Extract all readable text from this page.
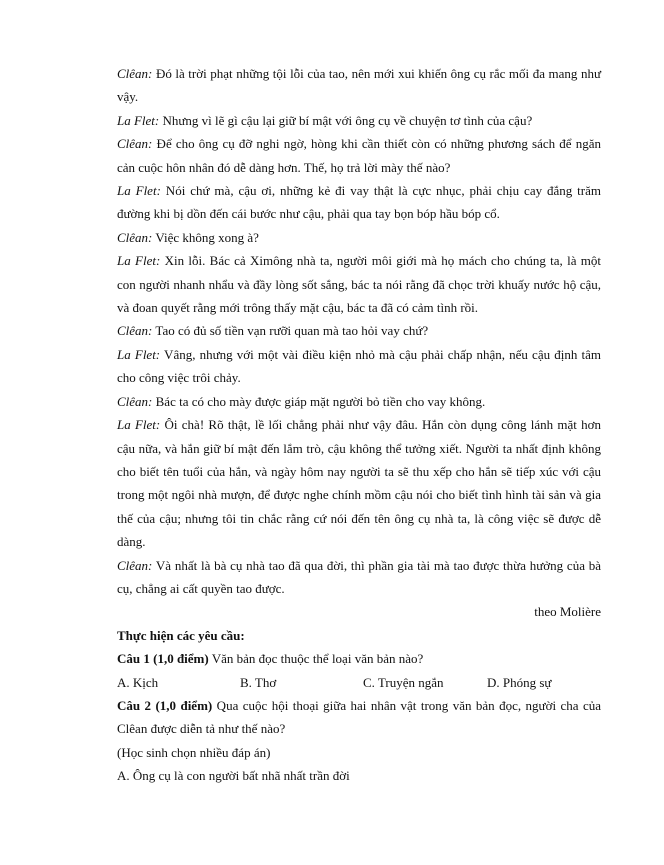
Clêan: Đó là trời phạt những tội lỗi của tao, nên mới xui khiến ông cụ rắc mối đa mang như vậy.

La Flet: Nhưng vì lẽ gì cậu lại giữ bí mật với ông cụ về chuyện tơ tình của cậu?

Clêan: Để cho ông cụ đỡ nghi ngờ, hòng khi cần thiết còn có những phương sách để ngăn cản cuộc hôn nhân đó dễ dàng hơn. Thế, họ trả lời mày thế nào?

La Flet: Nói chứ mà, cậu ơi, những kẻ đi vay thật là cực nhục, phải chịu cay đắng trăm đường khi bị dồn đến cái bước như cậu, phải qua tay bọn bóp hầu bóp cổ.

Clêan: Việc không xong à?

La Flet: Xin lỗi. Bác cả Ximông nhà ta, người môi giới mà họ mách cho chúng ta, là một con người nhanh nhẩu và đầy lòng sốt sắng, bác ta nói rằng đã chọc trời khuấy nước hộ cậu, và đoan quyết rằng mới trông thấy mặt cậu, bác ta đã có cảm tình rồi.

Clêan: Tao có đủ số tiền vạn rưỡi quan mà tao hỏi vay chứ?

La Flet: Vâng, nhưng với một vài điều kiện nhỏ mà cậu phải chấp nhận, nếu cậu định tâm cho công việc trôi chảy.

Clêan: Bác ta có cho mày được giáp mặt người bỏ tiền cho vay không.

La Flet: Ôi chà! Rõ thật, lề lối chẳng phải như vậy đâu. Hắn còn dụng công lánh mặt hơn cậu nữa, và hắn giữ bí mật đến lắm trò, cậu không thể tưởng xiết. Người ta nhất định không cho biết tên tuổi của hắn, và ngày hôm nay người ta sẽ thu xếp cho hắn sẽ tiếp xúc với cậu trong một ngôi nhà mượn, để được nghe chính mồm cậu nói cho biết tình hình tài sản và gia thế của cậu; nhưng tôi tin chắc rằng cứ nói đến tên ông cụ nhà ta, là công việc sẽ được dễ dàng.

Clêan: Và nhất là bà cụ nhà tao đã qua đời, thì phần gia tài mà tao được thừa hưởng của bà cụ, chẳng ai cất quyền tao được.

theo Molière

Thực hiện các yêu cầu:

Câu 1 (1,0 điểm) Văn bản đọc thuộc thể loại văn bản nào?

A. Kịch	B. Thơ	C. Truyện ngắn	D. Phóng sự

Câu 2 (1,0 điểm) Qua cuộc hội thoại giữa hai nhân vật trong văn bản đọc, người cha của Clêan được diễn tả như thế nào?

(Học sinh chọn nhiều đáp án)

A. Ông cụ là con người bất nhã nhất trần đời
